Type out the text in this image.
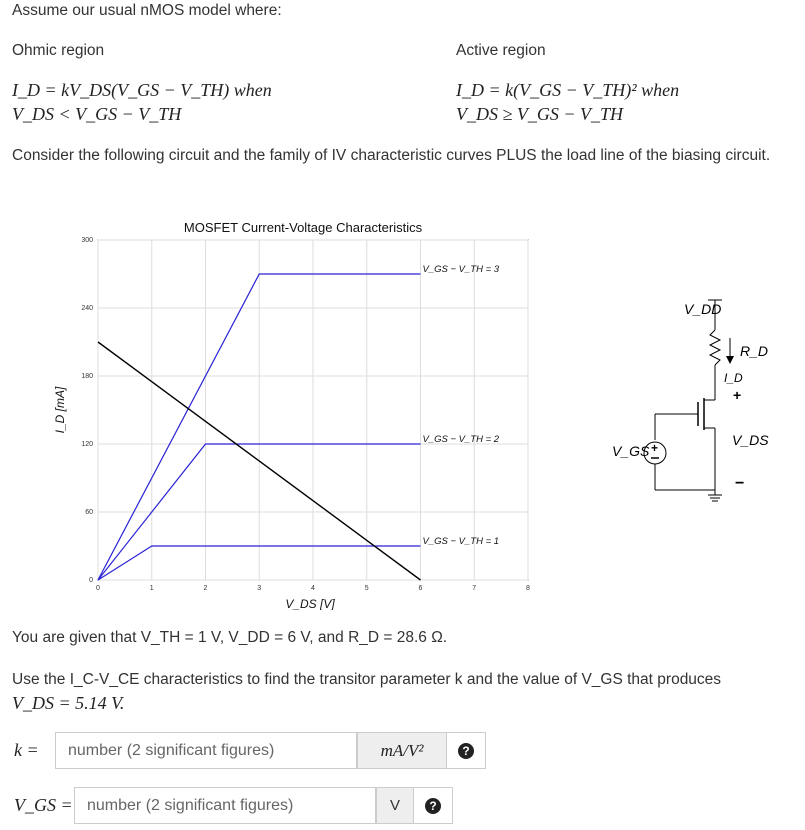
Assume our usual nMOS model where:
Ohmic region	Active region
I_D = kV_DS(V_GS − V_TH) when
V_DS < V_GS − V_TH
I_D = k(V_GS − V_TH)² when
V_DS ≥ V_GS − V_TH
Consider the following circuit and the family of IV characteristic curves PLUS the load line of the biasing circuit.
0	1	2	3	4	5	6	7	8
0
60
120
180
240
300
MOSFET Current-Voltage Characteristics
V_DS [V]
I_D [mA]
V_GS − V_TH = 1
V_GS − V_TH = 2
V_GS − V_TH = 3
V_DD
R_D
I_D
+
V_GS
+
V_DS
−
You are given that V_TH = 1 V, V_DD = 6 V, and R_D = 28.6 Ω.
Use the I_C-V_CE characteristics to find the transitor parameter k and the value of V_GS that produces
V_DS = 5.14 V.
k =
number (2 significant figures)	mA/V²	?
V_GS =
number (2 significant figures)	V	?
